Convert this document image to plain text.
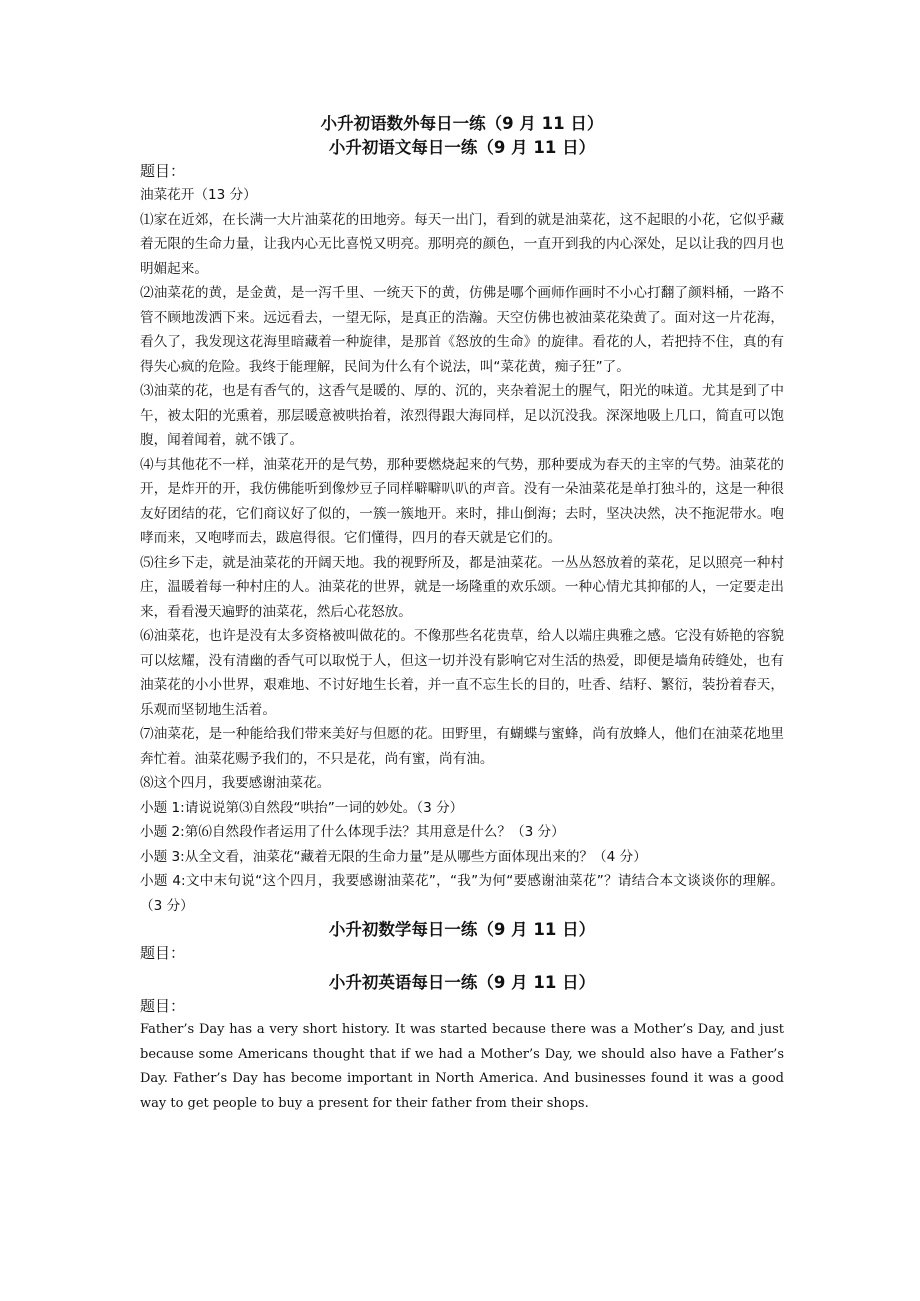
小升初语数外每日一练（9 月 11 日）
小升初语文每日一练（9 月 11 日）

题目：

油菜花开（13 分）

⑴家在近郊，在长满一大片油菜花的田地旁。每天一出门，看到的就是油菜花，这不起眼的小花，它似乎藏着无限的生命力量，让我内心无比喜悦又明亮。那明亮的颜色，一直开到我的内心深处，足以让我的四月也明媚起来。

⑵油菜花的黄，是金黄，是一泻千里、一统天下的黄，仿佛是哪个画师作画时不小心打翻了颜料桶，一路不管不顾地泼洒下来。远远看去，一望无际，是真正的浩瀚。天空仿佛也被油菜花染黄了。面对这一片花海，看久了，我发现这花海里暗藏着一种旋律，是那首《怒放的生命》的旋律。看花的人，若把持不住，真的有得失心疯的危险。我终于能理解，民间为什么有个说法，叫“菜花黄，痴子狂”了。

⑶油菜的花，也是有香气的，这香气是暖的、厚的、沉的，夹杂着泥土的腥气，阳光的味道。尤其是到了中午，被太阳的光熏着，那层暖意被哄抬着，浓烈得跟大海同样，足以沉没我。深深地吸上几口，简直可以饱腹，闻着闻着，就不饿了。

⑷与其他花不一样，油菜花开的是气势，那种要燃烧起来的气势，那种要成为春天的主宰的气势。油菜花的开，是炸开的开，我仿佛能听到像炒豆子同样噼噼叭叭的声音。没有一朵油菜花是单打独斗的，这是一种很友好团结的花，它们商议好了似的，一簇一簇地开。来时，排山倒海；去时，坚决决然，决不拖泥带水。咆哮而来，又咆哮而去，跋扈得很。它们懂得，四月的春天就是它们的。

⑸往乡下走，就是油菜花的开阔天地。我的视野所及，都是油菜花。一丛丛怒放着的菜花，足以照亮一种村庄，温暖着每一种村庄的人。油菜花的世界，就是一场隆重的欢乐颂。一种心情尤其抑郁的人，一定要走出来，看看漫天遍野的油菜花，然后心花怒放。

⑹油菜花，也许是没有太多资格被叫做花的。不像那些名花贵草，给人以端庄典雅之感。它没有娇艳的容貌可以炫耀，没有清幽的香气可以取悦于人，但这一切并没有影响它对生活的热爱，即便是墙角砖缝处，也有油菜花的小小世界，艰难地、不讨好地生长着，并一直不忘生长的目的，吐香、结籽、繁衍，装扮着春天，乐观而坚韧地生活着。

⑺油菜花，是一种能给我们带来美好与但愿的花。田野里，有蝴蝶与蜜蜂，尚有放蜂人，他们在油菜花地里奔忙着。油菜花赐予我们的，不只是花，尚有蜜，尚有油。

⑻这个四月，我要感谢油菜花。

小题 1:请说说第⑶自然段“哄抬”一词的妙处。（3 分）

小题 2:第⑹自然段作者运用了什么体现手法？其用意是什么？（3 分）

小题 3:从全文看，油菜花“藏着无限的生命力量”是从哪些方面体现出来的？（4 分）

小题 4:文中末句说“这个四月，我要感谢油菜花”，“我”为何“要感谢油菜花”？请结合本文谈谈你的理解。（3 分）

小升初数学每日一练（9 月 11 日）

题目：

小升初英语每日一练（9 月 11 日）

题目：

Father’s Day has a very short history. It was started because there was a Mother’s Day, and just because some Americans thought that if we had a Mother’s Day, we should also have a Father’s Day. Father’s Day has become important in North America. And businesses found it was a good way to get people to buy a present for their father from their shops.
